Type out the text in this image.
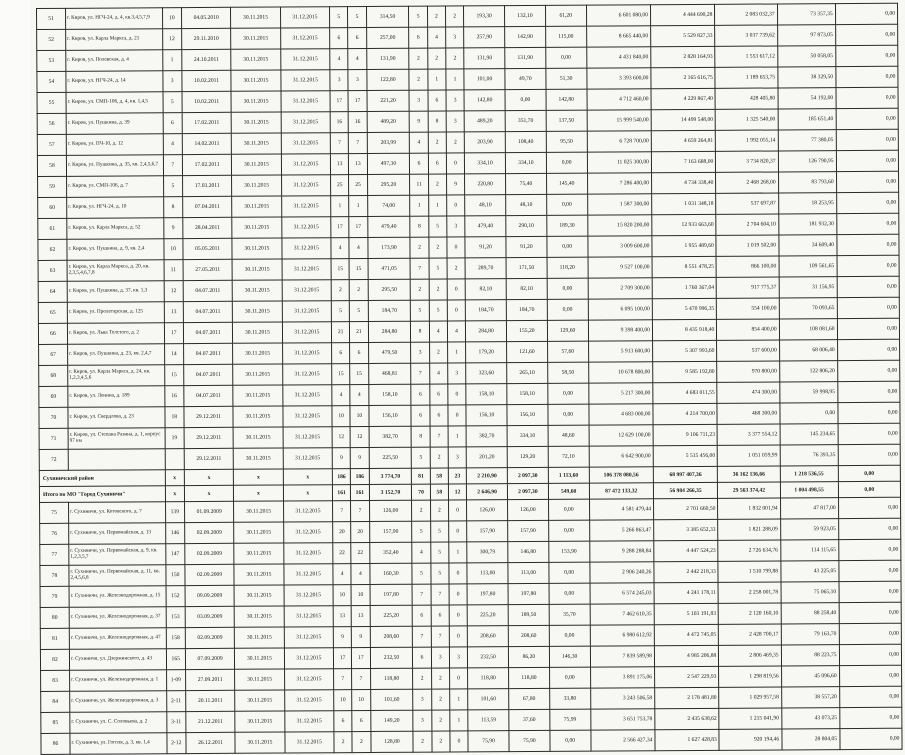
51	г. Киров, ул. НГЧ-24, д. 4, кв.3,4,5,7,9	10	04.05.2010	30.11.2015	31.12.2015	5	5	314,50	5	2	2	193,30	132,10	61,20	6 601 080,00	4 444 690,28	2 083 032,37	73 357,35	0,00
52	г. Киров, ул. Карла Маркса, д. 21	12	29.11.2010	30.11.2015	31.12.2015	6	6	257,00	6	4	3	257,90	142,90	115,00	8 665 440,00	5 529 827,33	3 037 739,62	97 873,05	0,00
53	г. Киров, ул. Полевская, д. 4	1	24.10.2011	30.11.2015	31.12.2015	4	4	131,90	2	2	2	131,90	131,90	0,00	4 431 840,00	2 828 164,93	1 553 617,12	50 058,05	0,00
54	г. Киров, ул. НГЧ-24, д. 14	3	10.02.2011	30.11.2015	31.12.2015	3	3	122,80	2	1	1	101,00	49,70	51,30	3 393 600,00	2 165 616,75	1 189 653,75	38 329,50	0,00
55	г. Киров, ул. СМП-106, д. 4, кв. 1,4,5	5	10.02.2011	30.11.2015	31.12.2015	17	17	221,20	3	6	3	142,80	0,00	142,80	4 712 460,00	4 229 867,40	428 405,80	54 192,00	0,00
56	г. Киров, ул. Пушкина, д. 39	6	17.02.2011	30.11.2015	31.12.2015	16	16	489,20	9	8	3	489,20	351,70	137,50	15 999 540,00	14 499 548,00	1 325 540,00	185 651,40	0,00
57	г. Киров, ул. ПЧ-10, д. 12	4	14.02.2011	30.11.2015	31.12.2015	7	7	203,99	4	2	2	203,90	108,40	95,50	6 728 700,00	4 659 264,81	1 992 055,14	77 380,05	0,00
58	г. Киров, ул. Пушкина, д. 35, кв. 2,4,5,6,7	7	17.02.2011	30.11.2015	31.12.2015	13	13	497,30	6	6	0	334,10	334,10	0,00	11 025 300,00	7 163 688,00	3 734 820,37	126 790,95	0,00
59	г. Киров, ул. СМП-106, д. 7	5	17.03.2011	30.11.2015	31.12.2015	25	25	295,20	11	2	9	220,80	75,40	145,40	7 286 400,00	4 734 338,40	2 468 268,00	83 793,60	0,00
60	г. Киров, ул. НГЧ-24, д. 10	8	07.04.2011	30.11.2015	31.12.2015	1	1	74,00	1	1	0	48,10	48,10	0,00	1 587 300,00	1 031 348,18	537 697,87	18 253,95	0,00
61	г. Киров, ул. Карла Маркса, д. 52	9	28.04.2011	30.11.2015	31.12.2015	17	17	479,40	8	5	3	479,40	290,10	189,30	15 820 200,00	12 933 663,60	2 704 604,10	181 932,30	0,00
62	г. Киров, ул. Пушкина, д. 9, кв. 2,4	10	05.05.2011	30.11.2015	31.12.2015	4	4	173,90	2	2	0	91,20	91,20	0,00	3 009 600,00	1 955 489,60	1 019 502,00	34 609,40	0,00
63	г. Киров, ул. Карла Маркса, д. 20, кв. 2,3,5,4,6,7,8	11	27.05.2011	30.11.2015	31.12.2015	15	15	471,05	7	5	2	289,70	171,50	118,20	9 527 100,00	8 551 478,25	866 100,00	109 561,65	0,00
64	г. Киров, ул. Пушкина, д. 37, кв. 1,3	12	04.07.2011	30.11.2015	31.12.2015	2	2	295,50	2	2	0	82,10	82,10	0,00	2 709 300,00	1 760 367,04	917 775,37	31 156,95	0,00
65	г. Киров, ул. Пролетарская, д. 125	13	04.07.2011	30.11.2015	31.12.2015	5	5	184,70	5	5	0	184,70	184,70	0,00	6 095 100,00	5 470 996,35	554 100,00	70 093,65	0,00
66	г. Киров, ул. Льва Толстого, д. 2	17	04.07.2011	30.11.2015	31.12.2015	21	21	284,80	8	4	4	284,80	155,20	129,60	9 398 400,00	8 435 918,40	854 400,00	108 081,60	0,00
67	г. Киров, ул. Пушкина, д. 23, кв. 2,4,7	14	04.07.2011	30.11.2015	31.12.2015	6	6	479,50	3	2	1	179,20	121,60	57,60	5 913 600,00	5 307 993,60	537 600,00	68 006,40	0,00
68	г. Киров, ул. Карла Маркса, д. 24, кв. 1,2,3,4,5,6	15	04.07.2011	30.11.2015	31.12.2015	15	15	468,81	7	4	3	323,60	265,10	58,50	10 678 800,00	9 585 192,80	970 800,00	122 806,20	0,00
69	г. Киров, ул. Ленина, д. 189	16	04.07.2011	30.11.2015	31.12.2015	4	4	158,10	6	6	0	158,10	158,10	0,00	5 217 300,00	4 683 011,55	474 300,00	59 998,95	0,00
70	г. Киров, ул. Свердлова, д. 23	18	29.12.2011	30.11.2015	31.12.2015	10	10	156,10	6	6	0	156,10	156,10	0,00	4 683 000,00	4 214 700,00	468 300,00	0,00	0,00
71	г. Киров, ул. Степана Разина, д. 1, корпус 97 км	19	29.12.2011	30.11.2015	31.12.2015	12	12	382,70	8	7	1	382,70	334,10	48,60	12 629 100,00	9 106 711,23	3 377 554,12	145 234,65	0,00
72			29.12.2011	30.11.2015	31.12.2015	9	9	225,50	5	2	3	201,20	129,20	72,10	6 642 900,00	5 515 456,00	1 051 059,99	76 393,35	0,00
Сухиничский район		x	x	x	x	186	186	3 774,70	81	58	23	2 210,90	2 097,30	1 113,60	106 378 080,56	68 997 407,36	36 162 136,66	1 218 536,55	0,00
Итого по МО "Город Сухиничи"		x	x	x	x	161	161	3 152,70	70	58	12	2 646,90	2 097,30	549,60	87 472 133,32	56 984 266,35	29 563 374,42	1 004 498,55	0,00
75	г. Сухиничи, ул. Котовского, д. 7	139	01.09.2009	30.11.2015	31.12.2015	7	7	126,00	2	2	0	126,00	126,00	0,00	4 581 479,44	2 701 660,50	1 832 001,94	47 817,00	0,00
76	г. Сухиничи, ул. Первомайская, д. 13	146	02.09.2009	30.11.2015	31.12.2015	20	20	157,90	5	5	0	157,90	157,90	0,00	5 266 863,47	3 385 652,33	1 821 288,09	59 923,05	0,00
77	г. Сухиничи, ул. Первомайская, д. 9, кв. 1,2,3,5,7	147	02.09.2009	30.11.2015	31.12.2015	22	22	352,40	4	5	1	300,79	146,80	153,90	9 288 288,84	4 447 524,23	2 726 634,76	114 115,65	0,00
78	г. Сухиничи, ул. Первомайская, д. 11, кв. 2,4,5,6,8	150	02.09.2009	30.11.2015	31.12.2015	4	4	160,30	5	5	0	113,00	113,00	0,00	2 906 240,26	2 442 218,33	1 510 799,88	43 225,05	0,00
79	г. Сухиничи, ул. Железнодорожная, д. 15	152	09.09.2009	30.11.2015	31.12.2015	10	10	197,80	7	7	0	197,80	197,80	0,00	6 574 245,03	4 241 178,11	2 258 001,78	75 065,10	0,00
80	г. Сухиничи, ул. Железнодорожная, д. 37	153	03.09.2009	30.11.2015	31.12.2015	13	13	225,20	6	6	0	225,20	189,50	35,70	7 462 610,35	5 103 191,83	2 120 160,10	88 258,40	0,00
81	г. Сухиничи, ул. Железнодорожная, д. 47	158	02.09.2009	30.11.2015	31.12.2015	9	9	208,60	7	7	0	208,60	208,60	0,00	6 980 612,92	4 472 745,05	2 428 700,17	79 163,70	0,00
82	г. Сухиничи, ул. Дзержинского, д. 43	165	07.09.2009	30.11.2015	31.12.2015	17	17	232,50	6	3	3	232,50	86,20	146,30	7 839 589,98	4 985 206,88	2 806 469,35	88 223,75	0,00
83	г. Сухиничи, ул. Железнодорожная, д. 1	1-09	27.09.2011	30.11.2015	31.12.2015	7	7	118,80	2	2	0	118,80	118,80	0,00	3 891 175,06	2 547 229,93	1 298 819,56	45 096,60	0,00
84	г. Сухиничи, ул. Железнодорожная, д. 3	2-11	20.11.2011	30.11.2015	31.12.2015	10	10	101,60	3	2	1	101,60	67,80	33,80	3 243 506,58	2 178 481,80	1 029 957,58	38 557,20	0,00
85	г. Сухиничи, ул. С. Соловьева, д. 2	3-11	21.12.2011	30.11.2015	31.12.2015	6	6	149,20	3	2	1	113,59	37,60	75,99	3 651 753,78	2 435 638,62	1 215 041,90	43 073,25	0,00
86	г. Сухиничи, ул. Гоголя, д. 3, кв. 1,4	2-12	26.12.2011	30.11.2015	31.12.2015	2	2	128,80	2	2	0	75,90	75,90	0,00	2 566 427,34	1 627 428,83	920 194,46	28 804,05	0,00
